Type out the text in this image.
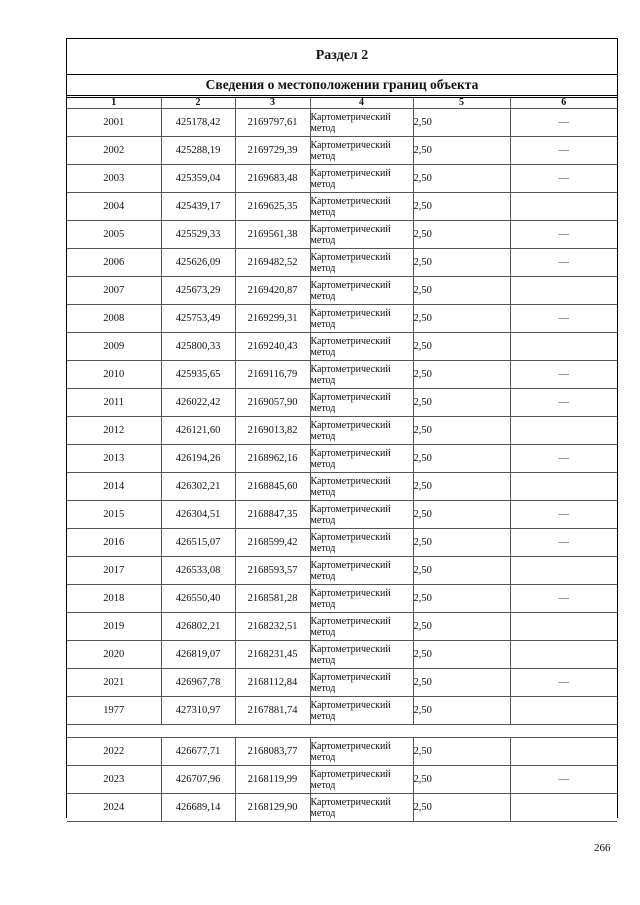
Раздел 2
Сведения о местоположении границ объекта
1	2	3	4	5	6
2001	425178,42	2169797,61	Картометрический метод	2,50	—
2002	425288,19	2169729,39	Картометрический метод	2,50	—
2003	425359,04	2169683,48	Картометрический метод	2,50	—
2004	425439,17	2169625,35	Картометрический метод	2,50	
2005	425529,33	2169561,38	Картометрический метод	2,50	—
2006	425626,09	2169482,52	Картометрический метод	2,50	—
2007	425673,29	2169420,87	Картометрический метод	2,50	
2008	425753,49	2169299,31	Картометрический метод	2,50	—
2009	425800,33	2169240,43	Картометрический метод	2,50	
2010	425935,65	2169116,79	Картометрический метод	2,50	—
2011	426022,42	2169057,90	Картометрический метод	2,50	—
2012	426121,60	2169013,82	Картометрический метод	2,50	
2013	426194,26	2168962,16	Картометрический метод	2,50	—
2014	426302,21	2168845,60	Картометрический метод	2,50	
2015	426304,51	2168847,35	Картометрический метод	2,50	—
2016	426515,07	2168599,42	Картометрический метод	2,50	—
2017	426533,08	2168593,57	Картометрический метод	2,50	
2018	426550,40	2168581,28	Картометрический метод	2,50	—
2019	426802,21	2168232,51	Картометрический метод	2,50	
2020	426819,07	2168231,45	Картометрический метод	2,50	
2021	426967,78	2168112,84	Картометрический метод	2,50	—
1977	427310,97	2167881,74	Картометрический метод	2,50	

2022	426677,71	2168083,77	Картометрический метод	2,50	
2023	426707,96	2168119,99	Картометрический метод	2,50	—
2024	426689,14	2168129,90	Картометрический метод	2,50	
266
